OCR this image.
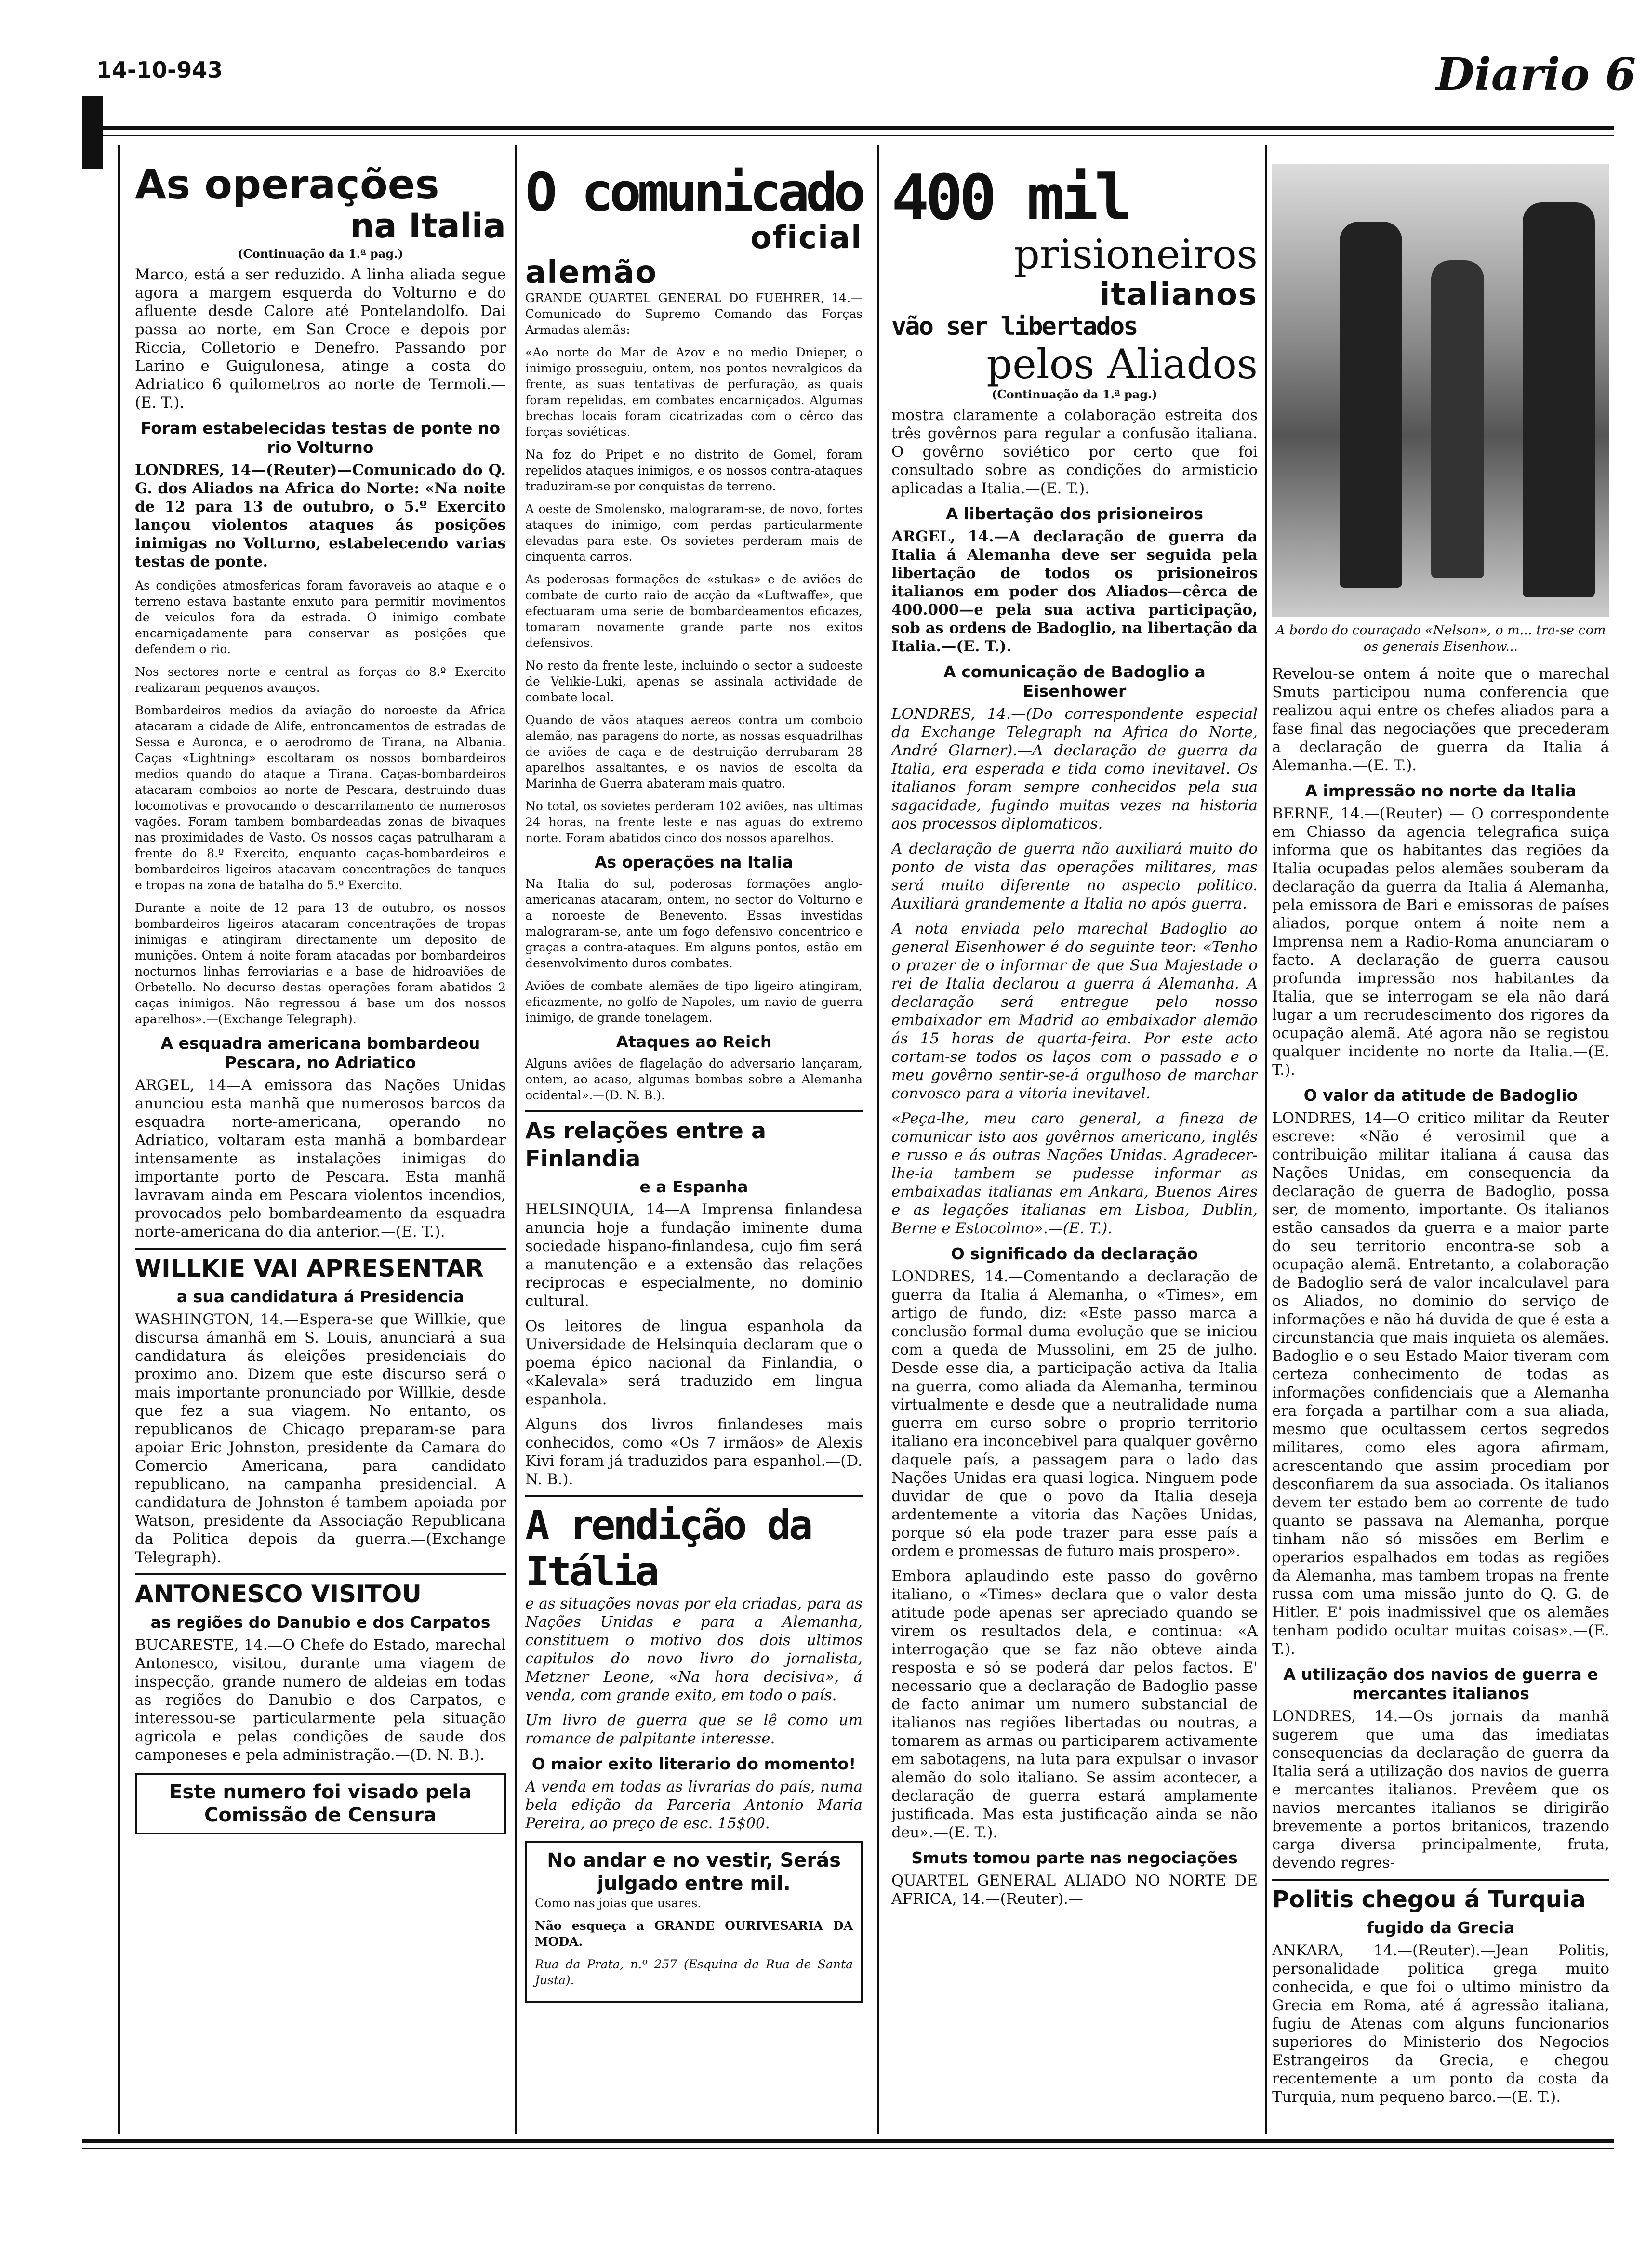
14-10-943	Diario 6
As operações
na Italia
(Continuação da 1.ª pag.)

Marco, está a ser reduzido. A linha aliada segue agora a margem esquerda do Volturno e do afluente desde Calore até Pontelandolfo. Dai passa ao norte, em San Croce e depois por Riccia, Colletorio e Denefro. Passando por Larino e Guigulonesa, atinge a costa do Adriatico 6 quilometros ao norte de Termoli.—(E. T.).

Foram estabelecidas testas de ponte no rio Volturno

LONDRES, 14—(Reuter)—Comunicado do Q. G. dos Aliados na Africa do Norte: «Na noite de 12 para 13 de outubro, o 5.º Exercito lançou violentos ataques ás posições inimigas no Volturno, estabelecendo varias testas de ponte.

As condições atmosfericas foram favoraveis ao ataque e o terreno estava bastante enxuto para permitir movimentos de veiculos fora da estrada. O inimigo combate encarniçadamente para conservar as posições que defendem o rio.

Nos sectores norte e central as forças do 8.º Exercito realizaram pequenos avanços.

Bombardeiros medios da aviação do noroeste da Africa atacaram a cidade de Alife, entroncamentos de estradas de Sessa e Auronca, e o aerodromo de Tirana, na Albania. Caças «Lightning» escoltaram os nossos bombardeiros medios quando do ataque a Tirana. Caças-bombardeiros atacaram comboios ao norte de Pescara, destruindo duas locomotivas e provocando o descarrilamento de numerosos vagões. Foram tambem bombardeadas zonas de bivaques nas proximidades de Vasto. Os nossos caças patrulharam a frente do 8.º Exercito, enquanto caças-bombardeiros e bombardeiros ligeiros atacavam concentrações de tanques e tropas na zona de batalha do 5.º Exercito.

Durante a noite de 12 para 13 de outubro, os nossos bombardeiros ligeiros atacaram concentrações de tropas inimigas e atingiram directamente um deposito de munições. Ontem á noite foram atacadas por bombardeiros nocturnos linhas ferroviarias e a base de hidroaviões de Orbetello. No decurso destas operações foram abatidos 2 caças inimigos. Não regressou á base um dos nossos aparelhos».—(Exchange Telegraph).

A esquadra americana bombardeou Pescara, no Adriatico

ARGEL, 14—A emissora das Nações Unidas anunciou esta manhã que numerosos barcos da esquadra norte-americana, operando no Adriatico, voltaram esta manhã a bombardear intensamente as instalações inimigas do importante porto de Pescara. Esta manhã lavravam ainda em Pescara violentos incendios, provocados pelo bombardeamento da esquadra norte-americana do dia anterior.—(E. T.).

WILLKIE VAI APRESENTAR
a sua candidatura á Presidencia

WASHINGTON, 14.—Espera-se que Willkie, que discursa ámanhã em S. Louis, anunciará a sua candidatura ás eleições presidenciais do proximo ano. Dizem que este discurso será o mais importante pronunciado por Willkie, desde que fez a sua viagem. No entanto, os republicanos de Chicago preparam-se para apoiar Eric Johnston, presidente da Camara do Comercio Americana, para candidato republicano, na campanha presidencial. A candidatura de Johnston é tambem apoiada por Watson, presidente da Associação Republicana da Politica depois da guerra.—(Exchange Telegraph).

ANTONESCO VISITOU
as regiões do Danubio e dos Carpatos

BUCARESTE, 14.—O Chefe do Estado, marechal Antonesco, visitou, durante uma viagem de inspecção, grande numero de aldeias em todas as regiões do Danubio e dos Carpatos, e interessou-se particularmente pela situação agricola e pelas condições de saude dos camponeses e pela administração.—(D. N. B.).

Este numero foi visado pela Comissão de Censura
O comunicado
oficial
alemão

GRANDE QUARTEL GENERAL DO FUEHRER, 14.—Comunicado do Supremo Comando das Forças Armadas alemãs:

«Ao norte do Mar de Azov e no medio Dnieper, o inimigo prosseguiu, ontem, nos pontos nevralgicos da frente, as suas tentativas de perfuração, as quais foram repelidas, em combates encarniçados. Algumas brechas locais foram cicatrizadas com o cêrco das forças soviéticas.

Na foz do Pripet e no distrito de Gomel, foram repelidos ataques inimigos, e os nossos contra-ataques traduziram-se por conquistas de terreno.

A oeste de Smolensko, malograram-se, de novo, fortes ataques do inimigo, com perdas particularmente elevadas para este. Os sovietes perderam mais de cinquenta carros.

As poderosas formações de «stukas» e de aviões de combate de curto raio de acção da «Luftwaffe», que efectuaram uma serie de bombardeamentos eficazes, tomaram novamente grande parte nos exitos defensivos.

No resto da frente leste, incluindo o sector a sudoeste de Velikie-Luki, apenas se assinala actividade de combate local.

Quando de vãos ataques aereos contra um comboio alemão, nas paragens do norte, as nossas esquadrilhas de aviões de caça e de destruição derrubaram 28 aparelhos assaltantes, e os navios de escolta da Marinha de Guerra abateram mais quatro.

No total, os sovietes perderam 102 aviões, nas ultimas 24 horas, na frente leste e nas aguas do extremo norte. Foram abatidos cinco dos nossos aparelhos.

As operações na Italia

Na Italia do sul, poderosas formações anglo-americanas atacaram, ontem, no sector do Volturno e a noroeste de Benevento. Essas investidas malograram-se, ante um fogo defensivo concentrico e graças a contra-ataques. Em alguns pontos, estão em desenvolvimento duros combates.

Aviões de combate alemães de tipo ligeiro atingiram, eficazmente, no golfo de Napoles, um navio de guerra inimigo, de grande tonelagem.

Ataques ao Reich

Alguns aviões de flagelação do adversario lançaram, ontem, ao acaso, algumas bombas sobre a Alemanha ocidental».—(D. N. B.).

As relações entre a Finlandia
e a Espanha

HELSINQUIA, 14—A Imprensa finlandesa anuncia hoje a fundação iminente duma sociedade hispano-finlandesa, cujo fim será a manutenção e a extensão das relações reciprocas e especialmente, no dominio cultural.

Os leitores de lingua espanhola da Universidade de Helsinquia declaram que o poema épico nacional da Finlandia, o «Kalevala» será traduzido em lingua espanhola.

Alguns dos livros finlandeses mais conhecidos, como «Os 7 irmãos» de Alexis Kivi foram já traduzidos para espanhol.—(D. N. B.).

A rendição da Itália

e as situações novas por ela criadas, para as Nações Unidas e para a Alemanha, constituem o motivo dos dois ultimos capitulos do novo livro do jornalista, Metzner Leone, «Na hora decisiva», á venda, com grande exito, em todo o país.

Um livro de guerra que se lê como um romance de palpitante interesse.

O maior exito literario do momento!

A venda em todas as livrarias do país, numa bela edição da Parceria Antonio Maria Pereira, ao preço de esc. 15$00.

No andar e no vestir, Serás julgado entre mil.

Como nas joias que usares.

Não esqueça a GRANDE OURIVESARIA DA MODA.

Rua da Prata, n.º 257 (Esquina da Rua de Santa Justa).

400 mil
prisioneiros
italianos
vão ser libertados
pelos Aliados
(Continuação da 1.ª pag.)

mostra claramente a colaboração estreita dos três govêrnos para regular a confusão italiana. O govêrno soviético por certo que foi consultado sobre as condições do armisticio aplicadas a Italia.—(E. T.).

A libertação dos prisioneiros

ARGEL, 14.—A declaração de guerra da Italia á Alemanha deve ser seguida pela libertação de todos os prisioneiros italianos em poder dos Aliados—cêrca de 400.000—e pela sua activa participação, sob as ordens de Badoglio, na libertação da Italia.—(E. T.).

A comunicação de Badoglio a Eisenhower

LONDRES, 14.—(Do correspondente especial da Exchange Telegraph na Africa do Norte, André Glarner).—A declaração de guerra da Italia, era esperada e tida como inevitavel. Os italianos foram sempre conhecidos pela sua sagacidade, fugindo muitas vezes na historia aos processos diplomaticos.

A declaração de guerra não auxiliará muito do ponto de vista das operações militares, mas será muito diferente no aspecto politico. Auxiliará grandemente a Italia no após guerra.

A nota enviada pelo marechal Badoglio ao general Eisenhower é do seguinte teor: «Tenho o prazer de o informar de que Sua Majestade o rei de Italia declarou a guerra á Alemanha. A declaração será entregue pelo nosso embaixador em Madrid ao embaixador alemão ás 15 horas de quarta-feira. Por este acto cortam-se todos os laços com o passado e o meu govêrno sentir-se-á orgulhoso de marchar convosco para a vitoria inevitavel.

«Peça-lhe, meu caro general, a fineza de comunicar isto aos govêrnos americano, inglês e russo e ás outras Nações Unidas. Agradecer-lhe-ia tambem se pudesse informar as embaixadas italianas em Ankara, Buenos Aires e as legações italianas em Lisboa, Dublin, Berne e Estocolmo».—(E. T.).

O significado da declaração

LONDRES, 14.—Comentando a declaração de guerra da Italia á Alemanha, o «Times», em artigo de fundo, diz: «Este passo marca a conclusão formal duma evolução que se iniciou com a queda de Mussolini, em 25 de julho. Desde esse dia, a participação activa da Italia na guerra, como aliada da Alemanha, terminou virtualmente e desde que a neutralidade numa guerra em curso sobre o proprio territorio italiano era inconcebivel para qualquer govêrno daquele país, a passagem para o lado das Nações Unidas era quasi logica. Ninguem pode duvidar de que o povo da Italia deseja ardentemente a vitoria das Nações Unidas, porque só ela pode trazer para esse país a ordem e promessas de futuro mais prospero».

Embora aplaudindo este passo do govêrno italiano, o «Times» declara que o valor desta atitude pode apenas ser apreciado quando se virem os resultados dela, e continua: «A interrogação que se faz não obteve ainda resposta e só se poderá dar pelos factos. E' necessario que a declaração de Badoglio passe de facto animar um numero substancial de italianos nas regiões libertadas ou noutras, a tomarem as armas ou participarem activamente em sabotagens, na luta para expulsar o invasor alemão do solo italiano. Se assim acontecer, a declaração de guerra estará amplamente justificada. Mas esta justificação ainda se não deu».—(E. T.).

Smuts tomou parte nas negociações

QUARTEL GENERAL ALIADO NO NORTE DE AFRICA, 14.—(Reuter).—

A bordo do couraçado «Nelson», o m... tra-se com os generais Eisenhow...

Revelou-se ontem á noite que o marechal Smuts participou numa conferencia que realizou aqui entre os chefes aliados para a fase final das negociações que precederam a declaração de guerra da Italia á Alemanha.—(E. T.).

A impressão no norte da Italia

BERNE, 14.—(Reuter) — O correspondente em Chiasso da agencia telegrafica suiça informa que os habitantes das regiões da Italia ocupadas pelos alemães souberam da declaração da guerra da Italia á Alemanha, pela emissora de Bari e emissoras de países aliados, porque ontem á noite nem a Imprensa nem a Radio-Roma anunciaram o facto. A declaração de guerra causou profunda impressão nos habitantes da Italia, que se interrogam se ela não dará lugar a um recrudescimento dos rigores da ocupação alemã. Até agora não se registou qualquer incidente no norte da Italia.—(E. T.).

O valor da atitude de Badoglio

LONDRES, 14—O critico militar da Reuter escreve: «Não é verosimil que a contribuição militar italiana á causa das Nações Unidas, em consequencia da declaração de guerra de Badoglio, possa ser, de momento, importante. Os italianos estão cansados da guerra e a maior parte do seu territorio encontra-se sob a ocupação alemã. Entretanto, a colaboração de Badoglio será de valor incalculavel para os Aliados, no dominio do serviço de informações e não há duvida de que é esta a circunstancia que mais inquieta os alemães. Badoglio e o seu Estado Maior tiveram com certeza conhecimento de todas as informações confidenciais que a Alemanha era forçada a partilhar com a sua aliada, mesmo que ocultassem certos segredos militares, como eles agora afirmam, acrescentando que assim procediam por desconfiarem da sua associada. Os italianos devem ter estado bem ao corrente de tudo quanto se passava na Alemanha, porque tinham não só missões em Berlim e operarios espalhados em todas as regiões da Alemanha, mas tambem tropas na frente russa com uma missão junto do Q. G. de Hitler. E' pois inadmissivel que os alemães tenham podido ocultar muitas coisas».—(E. T.).

A utilização dos navios de guerra e mercantes italianos

LONDRES, 14.—Os jornais da manhã sugerem que uma das imediatas consequencias da declaração de guerra da Italia será a utilização dos navios de guerra e mercantes italianos. Prevêem que os navios mercantes italianos se dirigirão brevemente a portos britanicos, trazendo carga diversa principalmente, fruta, devendo regres-

Politis chegou á Turquia
fugido da Grecia

ANKARA, 14.—(Reuter).—Jean Politis, personalidade politica grega muito conhecida, e que foi o ultimo ministro da Grecia em Roma, até á agressão italiana, fugiu de Atenas com alguns funcionarios superiores do Ministerio dos Negocios Estrangeiros da Grecia, e chegou recentemente a um ponto da costa da Turquia, num pequeno barco.—(E. T.).
